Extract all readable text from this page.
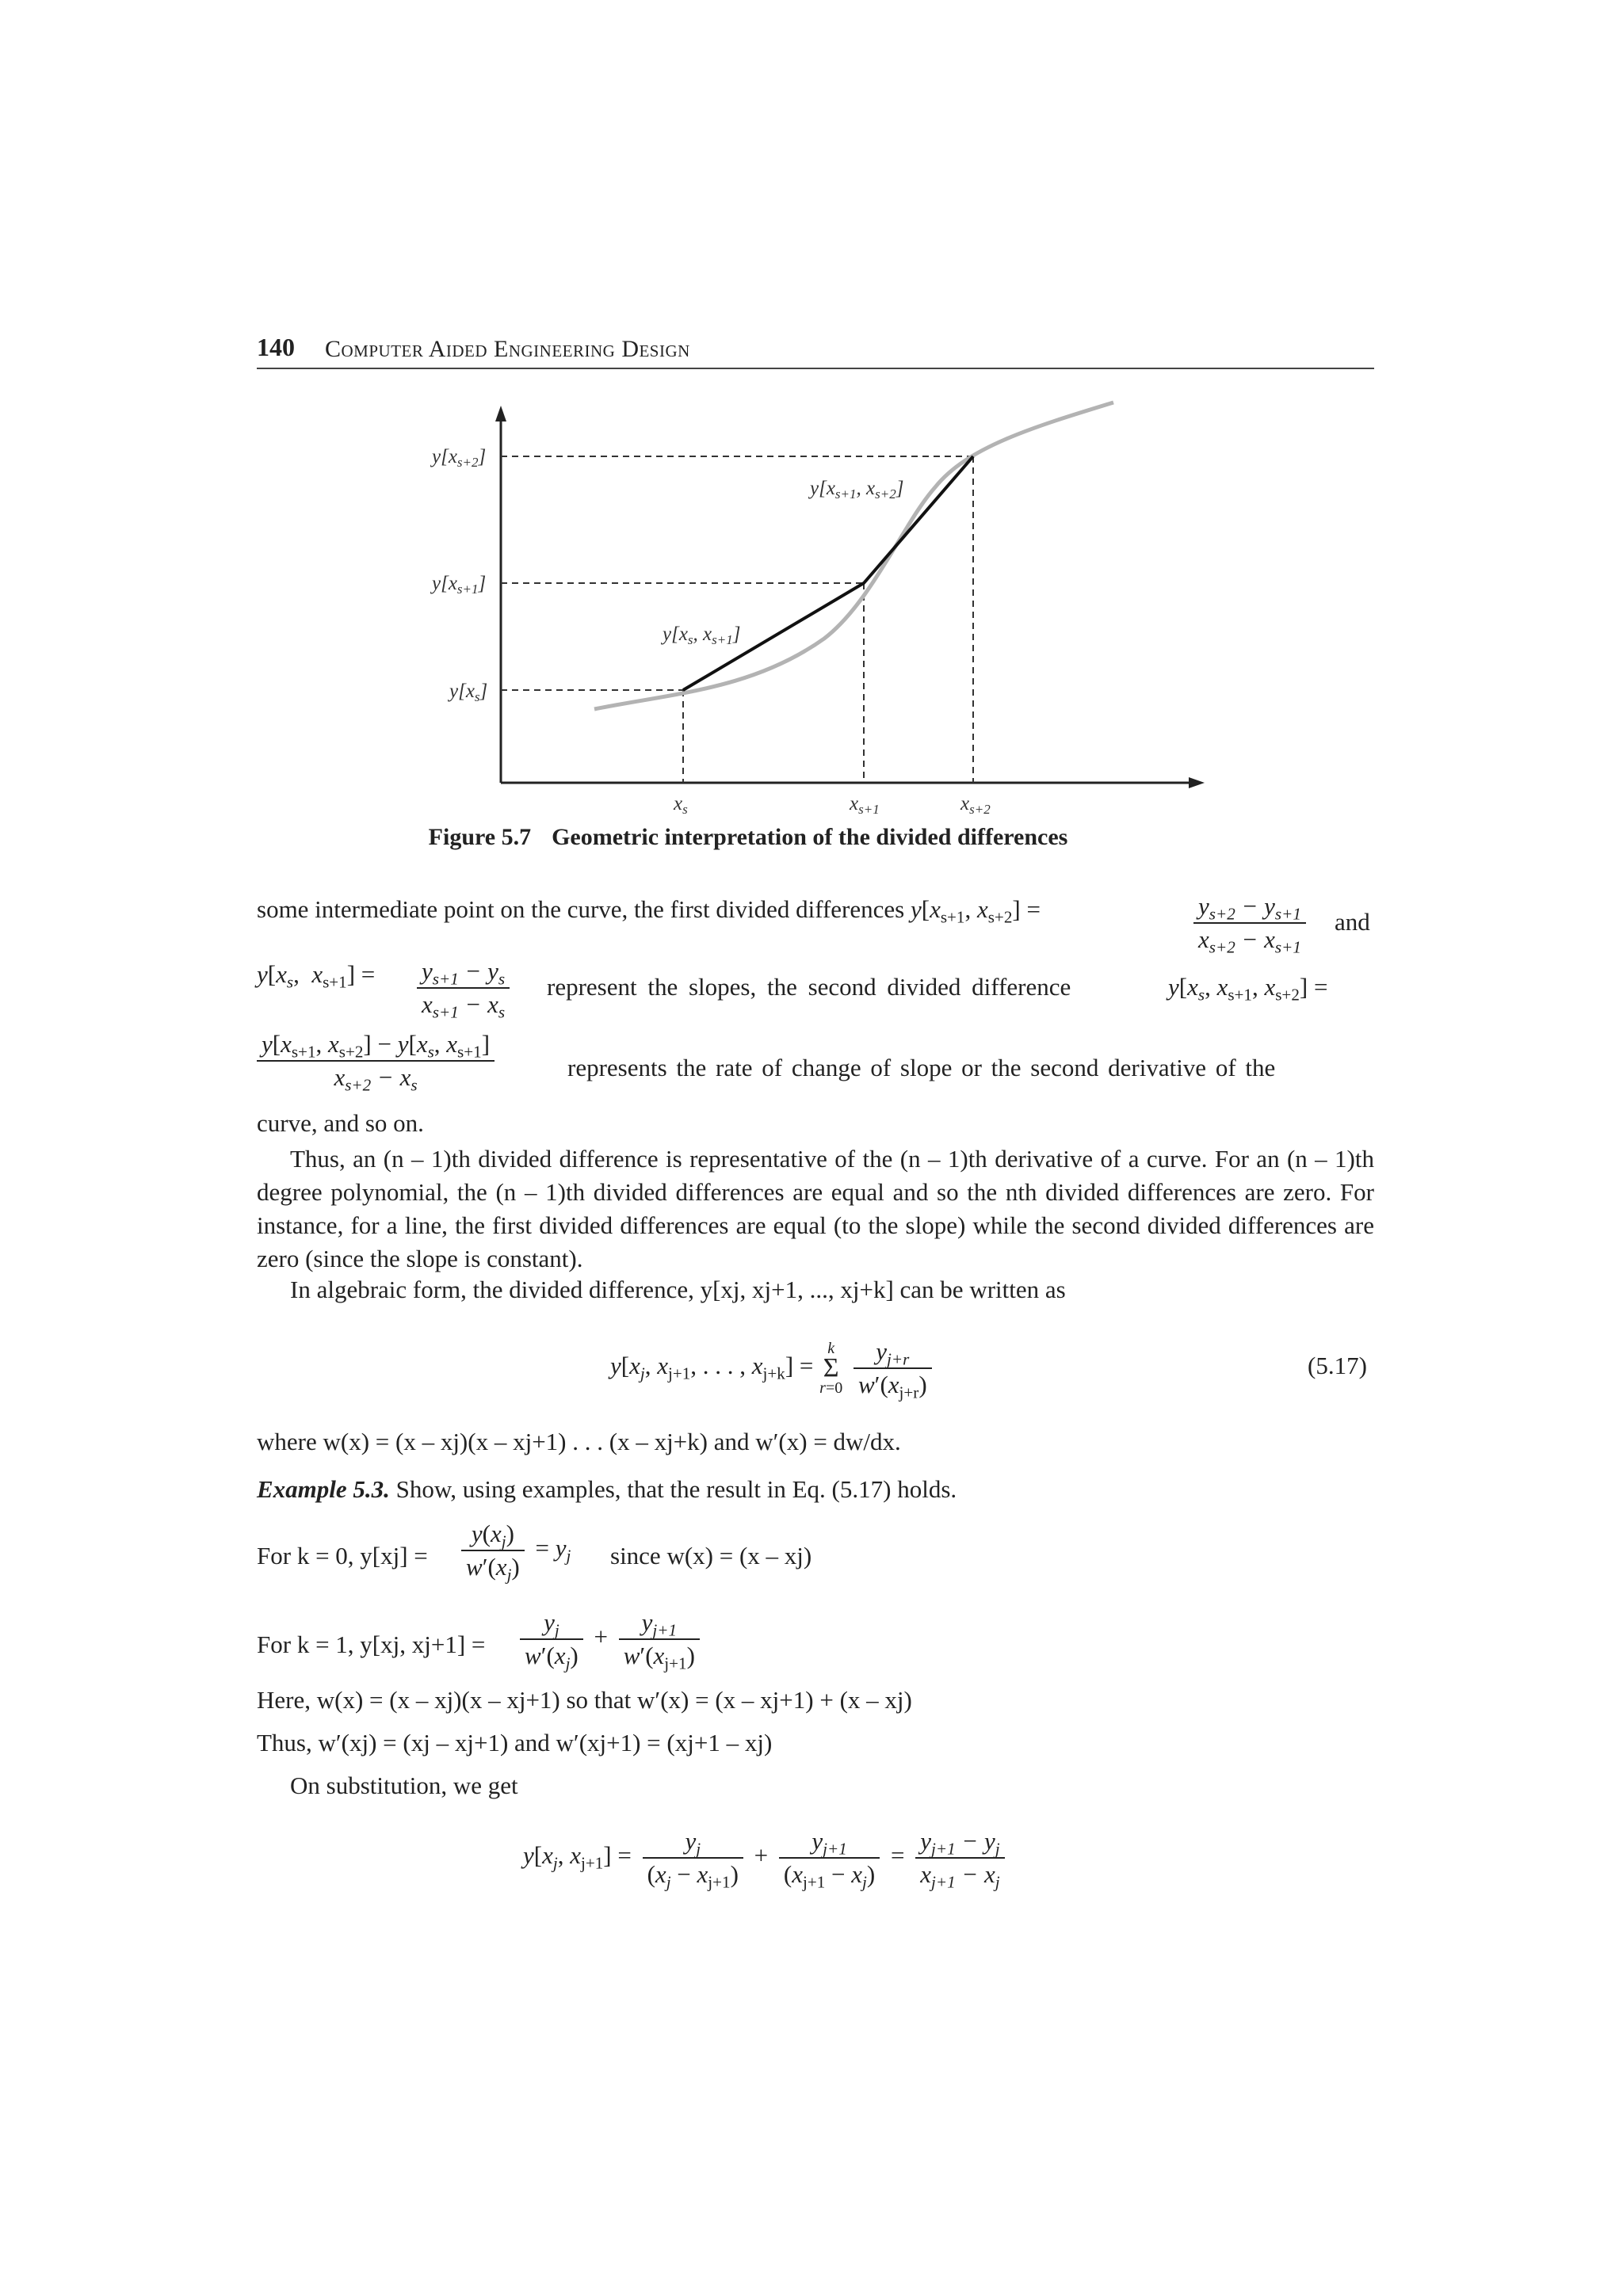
140 Computer Aided Engineering Design
$y[x_{s+2}]$
$y[x_{s+1}]$
$y[x_s]$
$y[x_{s+1}$, $x_{s+2}$]
$y[x_s$, $x_{s+1}$]
$x_s$	$x_{s+1}$	$x_{s+2}$
Figure 5.7 Geometric interpretation of the divided differences
some intermediate point on the curve, the first divided differences $y[x_{s+1}$, $x_{s+2}$] =	$\frac{y_{s+2} - y_{s+1}}{x_{s+2} - x_{s+1}}$ and
$y[x_s$,  $x_{s+1}] = \frac{y_{s+1} - y_s}{x_{s+1} - x_s}$ represent the slopes, the second divided difference	$y[x_s$, $x_{s+1}$, $x_{s+2}$] =
$\frac{y[x_{s+1}, x_{s+2}] - y[x_s, x_{s+1}]}{x_{s+2} - x_s}$	represents the rate of change of slope or the second derivative of the
curve, and so on.
Thus, an (n – 1)th divided difference is representative of the (n – 1)th derivative of a curve. For an (n – 1)th degree polynomial, the (n – 1)th divided differences are equal and so the nth divided differences are zero. For instance, for a line, the first divided differences are equal (to the slope) while the second divided differences are zero (since the slope is constant).
In algebraic form, the divided difference, y[xj, xj+1, ..., xj+k] can be written as
$y[x_j$, $x_{j+1}$, . . . , $x_{j+k}$] =
k
Σ
r=0
$\frac{y_{j+r}}{w'(x_{j+r})}$	(5.17)
where w(x) = (x – xj)(x – xj+1) . . . (x – xj+k) and w′(x) = dw/dx.
Example 5.3. Show, using examples, that the result in Eq. (5.17) holds.
For k = 0, $y[xj] = \frac{y(x_j)}{w'(x_j)} = y_j$ since w(x) = (x – xj)
For k = 1, y[xj, $xj+1] = \frac{y_j}{w'(x_j)} + \frac{y_{j+1}}{w'(x_{j+1})}$
Here, w(x) = (x – xj)(x – xj+1) so that w′(x) = (x – xj+1) + (x – xj)
Thus, w′(xj) = (xj – xj+1) and w′(xj+1) = (xj+1 – xj)
On substitution, we get
$y[x_j$, $x_{j+1}] = \frac{y_j}{(x_j - x_{j+1})} + \frac{y_{j+1}}{(x_{j+1} - x_j)} = \frac{y_{j+1} - y_j}{x_{j+1} - x_j}$
